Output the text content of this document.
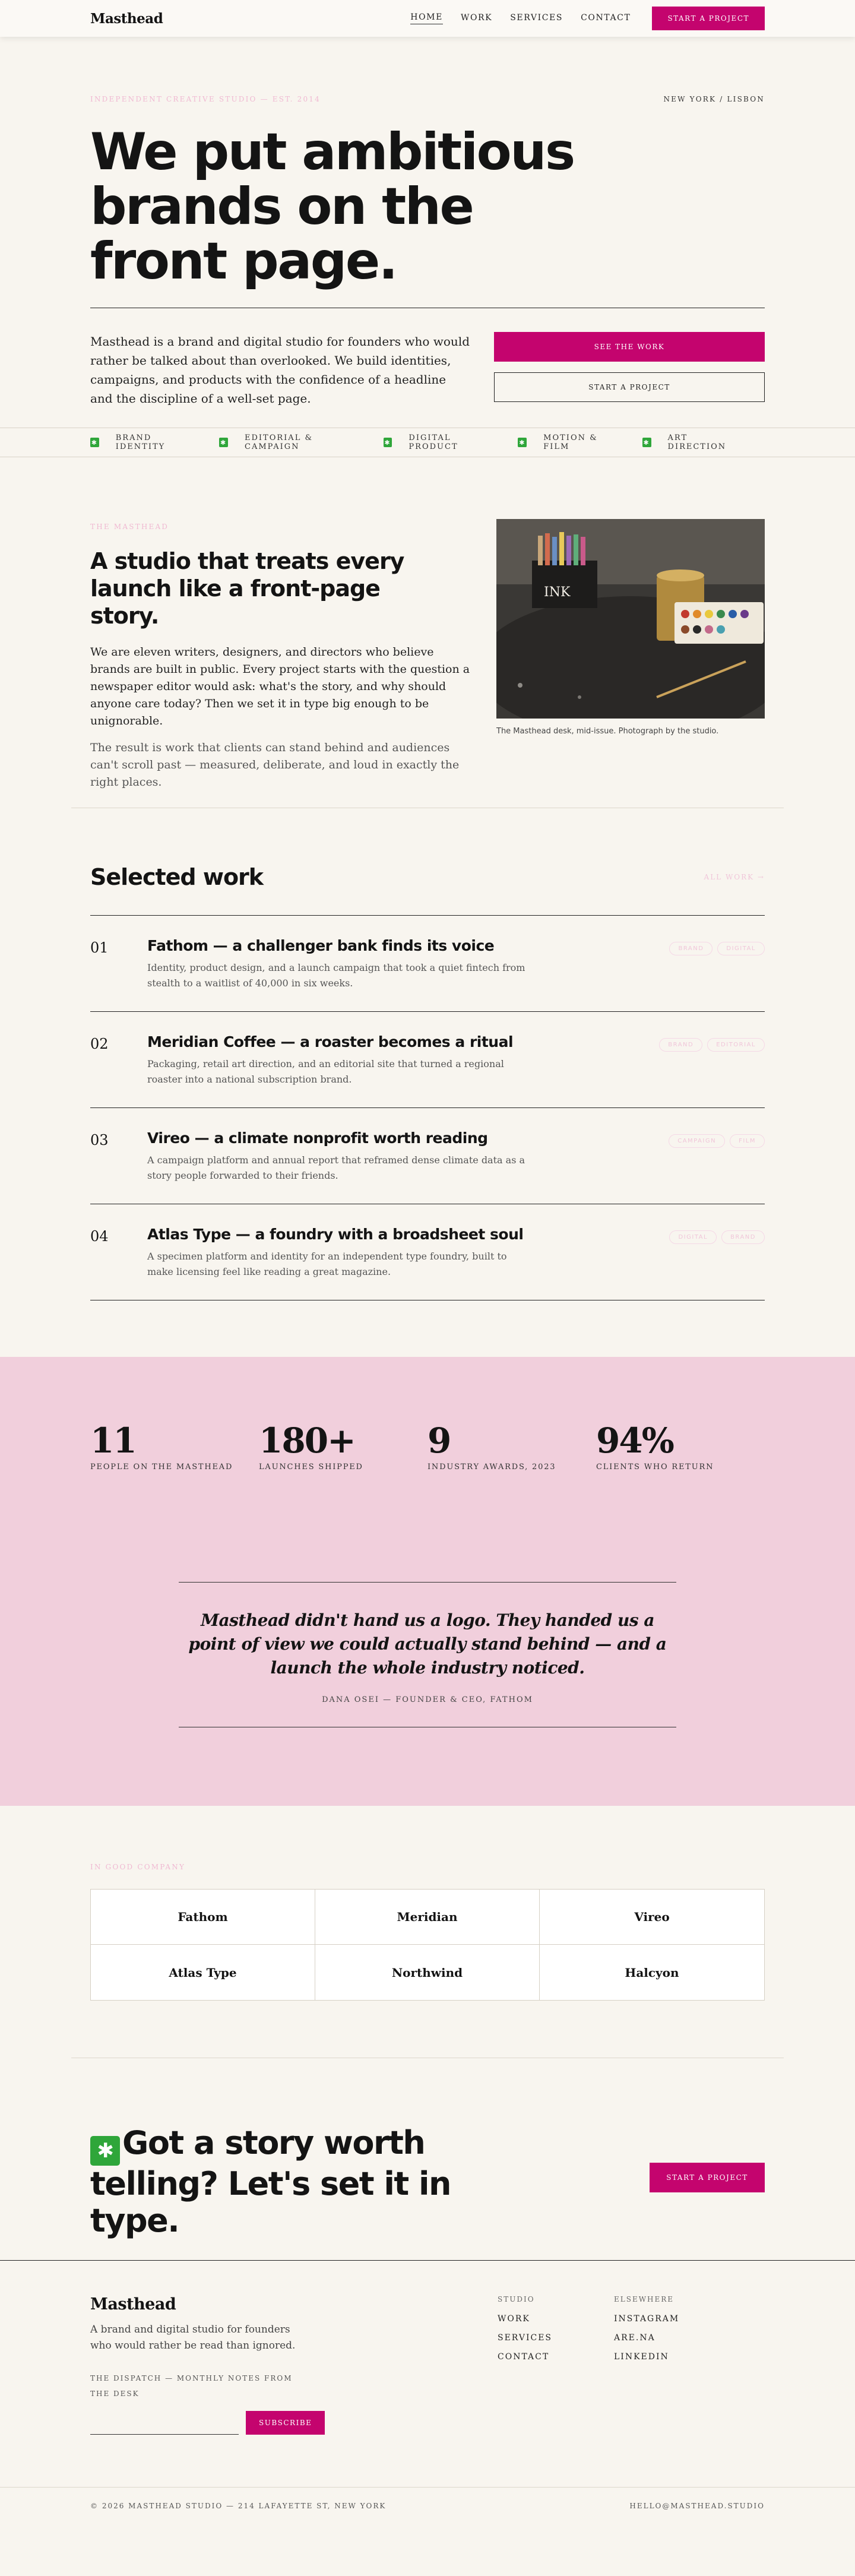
Masthead	HOME WORK SERVICES CONTACT	START A PROJECT
INDEPENDENT CREATIVE STUDIO — EST. 2014	NEW YORK / LISBON
We put ambitious brands on the front page.

Masthead is a brand and digital studio for founders who would rather be talked about than overlooked. We build identities, campaigns, and products with the confidence of a headline and the discipline of a well-set page.

SEE THE WORK
START A PROJECT
✱ BRAND IDENTITY	✱ EDITORIAL & CAMPAIGN	✱ DIGITAL PRODUCT	✱ MOTION & FILM	✱ ART DIRECTION
THE MASTHEAD
A studio that treats every launch like a front-page story.

We are eleven writers, designers, and directors who believe brands are built in public. Every project starts with the question a newspaper editor would ask: what's the story, and why should anyone care today? Then we set it in type big enough to be unignorable.

The result is work that clients can stand behind and audiences can't scroll past — measured, deliberate, and loud in exactly the right places.

INK
The Masthead desk, mid-issue. Photograph by the studio.
Selected work	ALL WORK →
01	Fathom — a challenger bank finds its voice

Identity, product design, and a launch campaign that took a quiet fintech from stealth to a waitlist of 40,000 in six weeks.

BRAND	DIGITAL
02	Meridian Coffee — a roaster becomes a ritual

Packaging, retail art direction, and an editorial site that turned a regional roaster into a national subscription brand.

BRAND	EDITORIAL
03	Vireo — a climate nonprofit worth reading

A campaign platform and annual report that reframed dense climate data as a story people forwarded to their friends.

CAMPAIGN	FILM
04	Atlas Type — a foundry with a broadsheet soul

A specimen platform and identity for an independent type foundry, built to make licensing feel like reading a great magazine.

DIGITAL	BRAND
11
PEOPLE ON THE MASTHEAD
180+
LAUNCHES SHIPPED
9
INDUSTRY AWARDS, 2023
94%
CLIENTS WHO RETURN

Masthead didn't hand us a logo. They handed us a point of view we could actually stand behind — and a launch the whole industry noticed.

DANA OSEI — FOUNDER & CEO, FATHOM
IN GOOD COMPANY
Fathom	Meridian	Vireo
Atlas Type	Northwind	Halcyon
✱ Got a story worth telling? Let's set it in type.
START A PROJECT
Masthead

A brand and digital studio for founders who would rather be read than ignored.

THE DISPATCH — MONTHLY NOTES FROM THE DESK
SUBSCRIBE
STUDIO
WORK
SERVICES
CONTACT
ELSEWHERE
INSTAGRAM
ARE.NA
LINKEDIN
© 2026 MASTHEAD STUDIO — 214 LAFAYETTE ST, NEW YORK	HELLO@MASTHEAD.STUDIO
